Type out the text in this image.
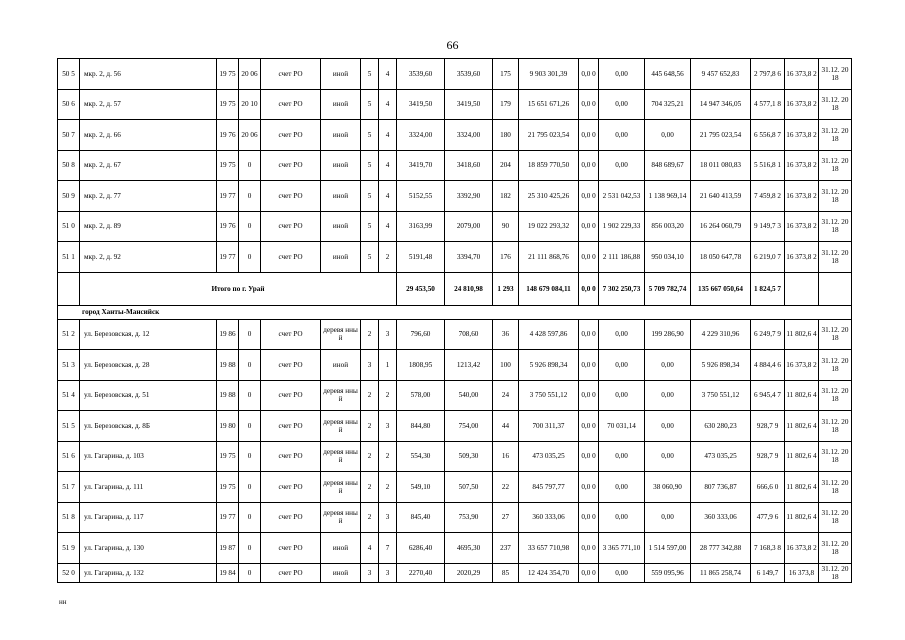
66
50 5	мкр. 2, д. 56	19 75	20 06	счет РО	иной	5	4	3539,60	3539,60	175	9 903 301,39	0,0 0	0,00	445 648,56	9 457 652,83	2 797,8 6	16 373,8 2	31.12. 2018
50 6	мкр. 2, д. 57	19 75	20 10	счет РО	иной	5	4	3419,50	3419,50	179	15 651 671,26	0,0 0	0,00	704 325,21	14 947 346,05	4 577,1 8	16 373,8 2	31.12. 2018
50 7	мкр. 2, д. 66	19 76	20 06	счет РО	иной	5	4	3324,00	3324,00	180	21 795 023,54	0,0 0	0,00	0,00	21 795 023,54	6 556,8 7	16 373,8 2	31.12. 2018
50 8	мкр. 2, д. 67	19 75	0	счет РО	иной	5	4	3419,70	3418,60	204	18 859 770,50	0,0 0	0,00	848 689,67	18 011 080,83	5 516,8 1	16 373,8 2	31.12. 2018
50 9	мкр. 2, д. 77	19 77	0	счет РО	иной	5	4	5152,55	3392,90	182	25 310 425,26	0,0 0	2 531 042,53	1 138 969,14	21 640 413,59	7 459,8 2	16 373,8 2	31.12. 2018
51 0	мкр. 2, д. 89	19 76	0	счет РО	иной	5	4	3163,99	2079,00	90	19 022 293,32	0,0 0	1 902 229,33	856 003,20	16 264 060,79	9 149,7 3	16 373,8 2	31.12. 2018
51 1	мкр. 2, д. 92	19 77	0	счет РО	иной	5	2	5191,48	3394,70	176	21 111 868,76	0,0 0	2 111 186,88	950 034,10	18 050 647,78	6 219,0 7	16 373,8 2	31.12. 2018
	Итого по г. Урай							29 453,50	24 810,98	1 293	148 679 084,11	0,0 0	7 302 250,73	5 709 782,74	135 667 050,64	1 824,5 7		
город Ханты-Мансийск																		
51 2	ул. Березовская, д. 12	19 86	0	счет РО	деревя нный	2	3	796,60	708,60	36	4 428 597,86	0,0 0	0,00	199 286,90	4 229 310,96	6 249,7 9	11 802,6 4	31.12. 2018
51 3	ул. Березовская, д. 28	19 88	0	счет РО	иной	3	1	1808,95	1213,42	100	5 926 898,34	0,0 0	0,00	0,00	5 926 898,34	4 884,4 6	16 373,8 2	31.12. 2018
51 4	ул. Березовская, д. 51	19 88	0	счет РО	деревя нный	2	2	578,00	540,00	24	3 750 551,12	0,0 0	0,00	0,00	3 750 551,12	6 945,4 7	11 802,6 4	31.12. 2018
51 5	ул. Березовская, д. 8Б	19 80	0	счет РО	деревя нный	2	3	844,80	754,00	44	700 311,37	0,0 0	70 031,14	0,00	630 280,23	928,7 9	11 802,6 4	31.12. 2018
51 6	ул. Гагарина, д. 103	19 75	0	счет РО	деревя нный	2	2	554,30	509,30	16	473 035,25	0,0 0	0,00	0,00	473 035,25	928,7 9	11 802,6 4	31.12. 2018
51 7	ул. Гагарина, д. 111	19 75	0	счет РО	деревя нный	2	2	549,10	507,50	22	845 797,77	0,0 0	0,00	38 060,90	807 736,87	666,6 0	11 802,6 4	31.12. 2018
51 8	ул. Гагарина, д. 117	19 77	0	счет РО	деревя нный	2	3	845,40	753,90	27	360 333,06	0,0 0	0,00	0,00	360 333,06	477,9 6	11 802,6 4	31.12. 2018
51 9	ул. Гагарина, д. 130	19 87	0	счет РО	иной	4	7	6286,40	4695,30	237	33 657 710,98	0,0 0	3 365 771,10	1 514 597,00	28 777 342,88	7 168,3 8	16 373,8 2	31.12. 2018
52 0	ул. Гагарина, д. 132	19 84	0	счет РО	иной	3	3	2270,40	2020,29	85	12 424 354,70	0,0 0	0,00	559 095,96	11 865 258,74	6 149,7	16 373,8	31.12. 2018
нн
